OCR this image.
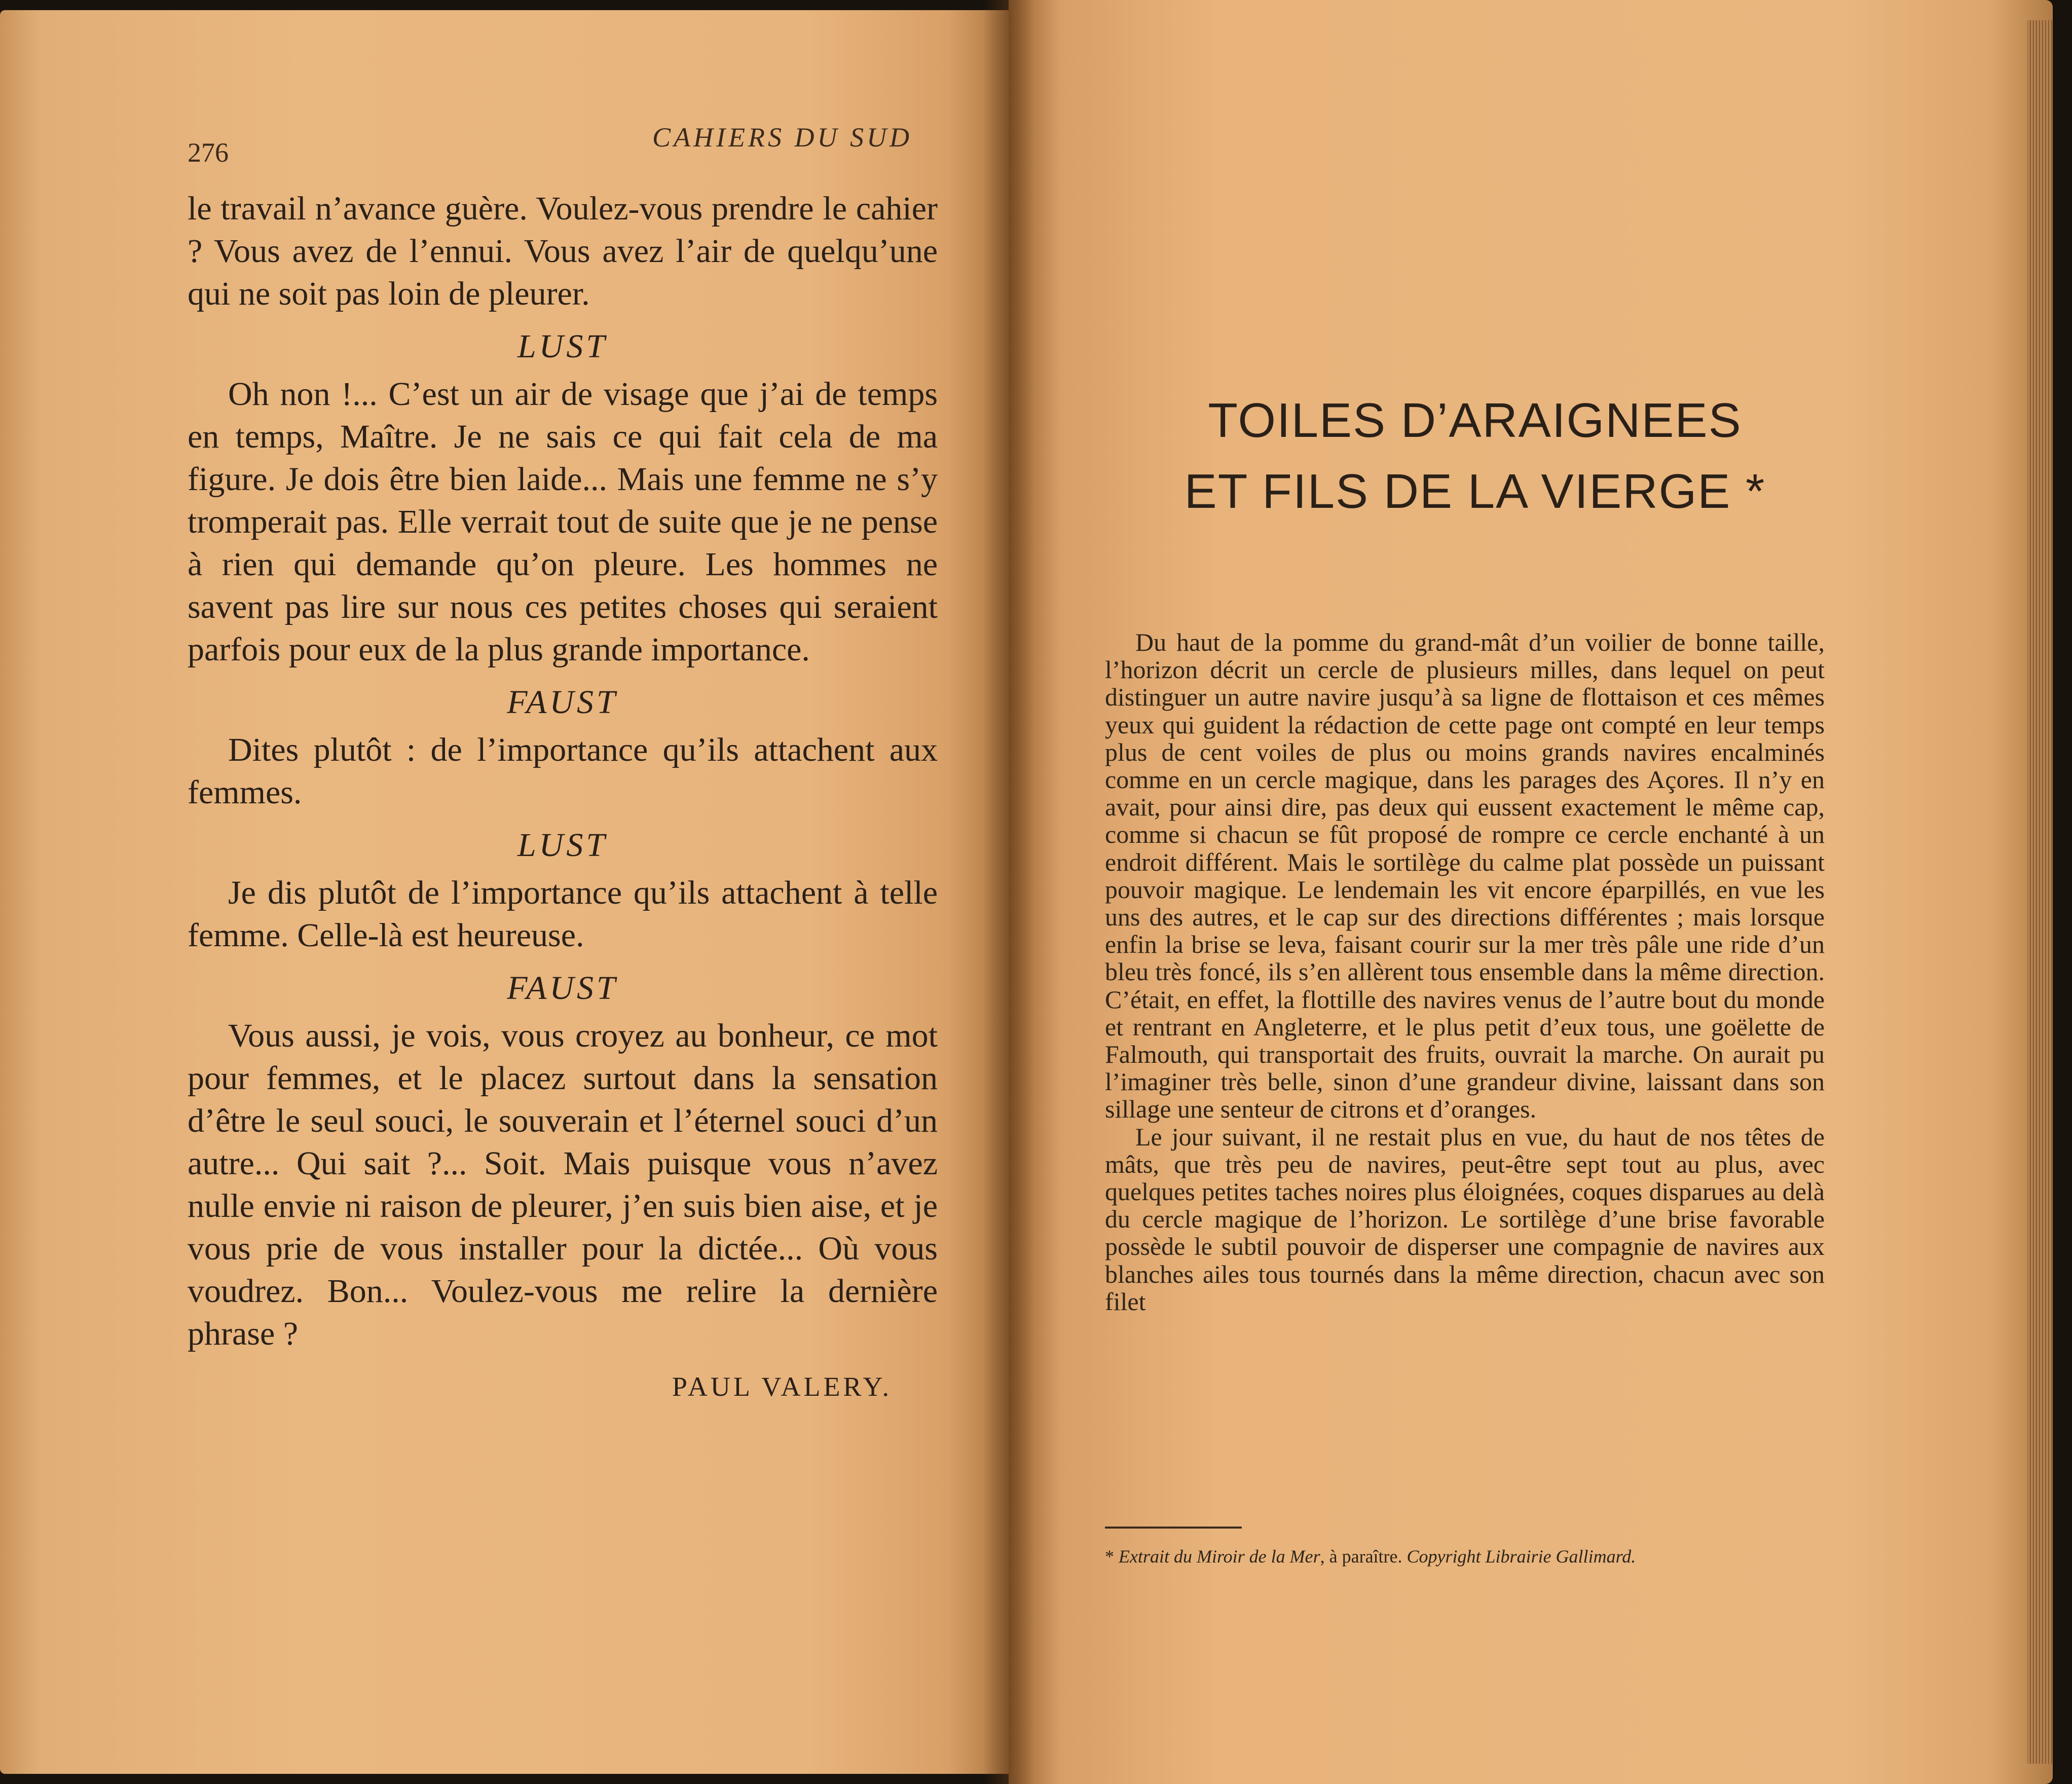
276	CAHIERS DU SUD

le travail n’avance guère. Voulez-vous prendre le cahier ? Vous avez de l’ennui. Vous avez l’air de quelqu’une qui ne soit pas loin de pleurer.

LUST

Oh non !... C’est un air de visage que j’ai de temps en temps, Maître. Je ne sais ce qui fait cela de ma figure. Je dois être bien laide... Mais une femme ne s’y tromperait pas. Elle verrait tout de suite que je ne pense à rien qui demande qu’on pleure. Les hommes ne savent pas lire sur nous ces petites choses qui seraient parfois pour eux de la plus grande importance.

FAUST

Dites plutôt : de l’importance qu’ils attachent aux femmes.

LUST

Je dis plutôt de l’importance qu’ils attachent à telle femme. Celle-là est heureuse.

FAUST

Vous aussi, je vois, vous croyez au bonheur, ce mot pour femmes, et le placez surtout dans la sensation d’être le seul souci, le souverain et l’éternel souci d’un autre... Qui sait ?... Soit. Mais puisque vous n’avez nulle envie ni raison de pleurer, j’en suis bien aise, et je vous prie de vous installer pour la dictée... Où vous voudrez. Bon... Voulez-vous me relire la dernière phrase ?

PAUL VALERY.
TOILES D’ARAIGNEES
ET FILS DE LA VIERGE *

Du haut de la pomme du grand-mât d’un voilier de bonne taille, l’horizon décrit un cercle de plusieurs milles, dans lequel on peut distinguer un autre navire jusqu’à sa ligne de flottaison et ces mêmes yeux qui guident la rédaction de cette page ont compté en leur temps plus de cent voiles de plus ou moins grands navires encalminés comme en un cercle magique, dans les parages des Açores. Il n’y en avait, pour ainsi dire, pas deux qui eussent exactement le même cap, comme si chacun se fût proposé de rompre ce cercle enchanté à un endroit différent. Mais le sortilège du calme plat possède un puissant pouvoir magique. Le lendemain les vit encore éparpillés, en vue les uns des autres, et le cap sur des directions différentes ; mais lorsque enfin la brise se leva, faisant courir sur la mer très pâle une ride d’un bleu très foncé, ils s’en allèrent tous ensemble dans la même direction. C’était, en effet, la flottille des navires venus de l’autre bout du monde et rentrant en Angleterre, et le plus petit d’eux tous, une goëlette de Falmouth, qui transportait des fruits, ouvrait la marche. On aurait pu l’imaginer très belle, sinon d’une grandeur divine, laissant dans son sillage une senteur de citrons et d’oranges.

Le jour suivant, il ne restait plus en vue, du haut de nos têtes de mâts, que très peu de navires, peut-être sept tout au plus, avec quelques petites taches noires plus éloignées, coques disparues au delà du cercle magique de l’horizon. Le sortilège d’une brise favorable possède le subtil pouvoir de disperser une compagnie de navires aux blanches ailes tous tournés dans la même direction, chacun avec son filet

* Extrait du Miroir de la Mer, à paraître. Copyright Librairie Gallimard.
